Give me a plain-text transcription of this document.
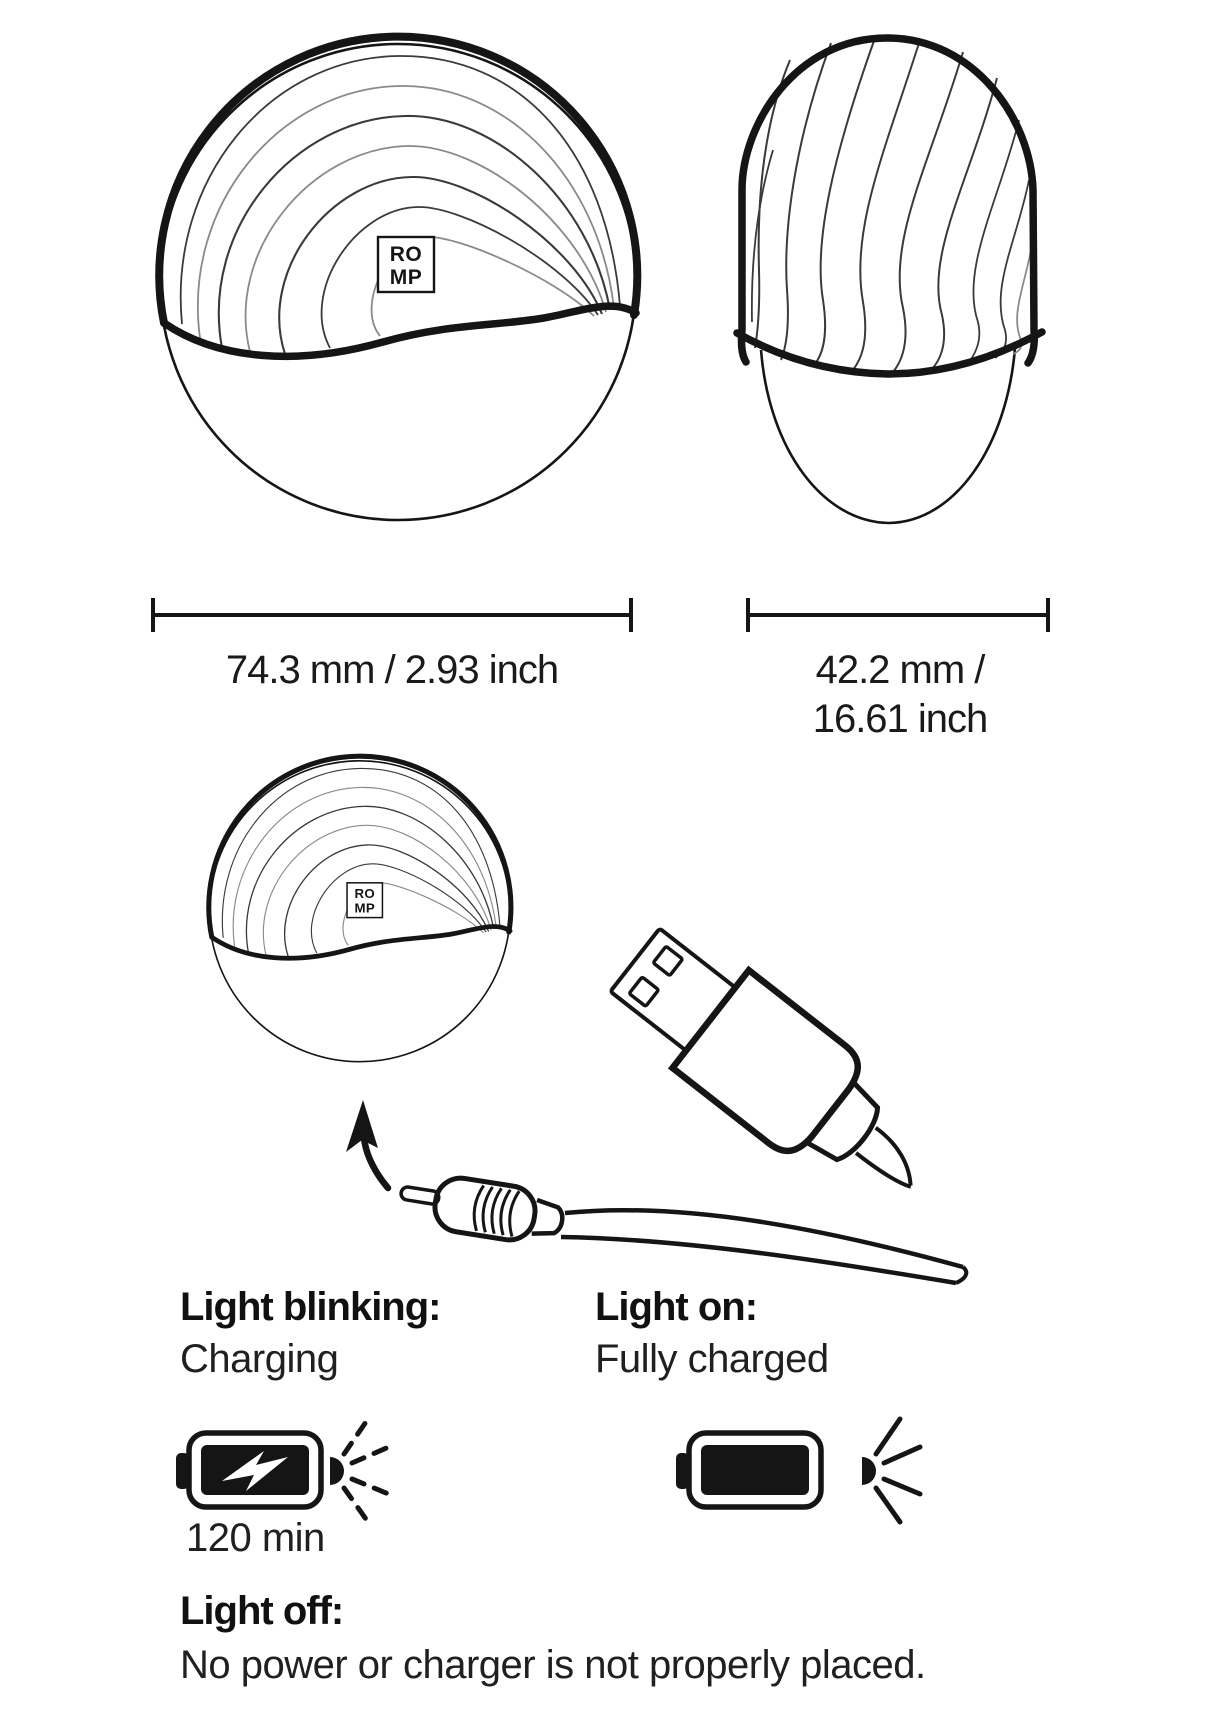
RO
MP
74.3 mm / 2.93 inch	42.2 mm /
16.61 inch
Light blinking:
Charging
Light on:
Fully charged
120 min
Light off:
No power or charger is not properly placed.
